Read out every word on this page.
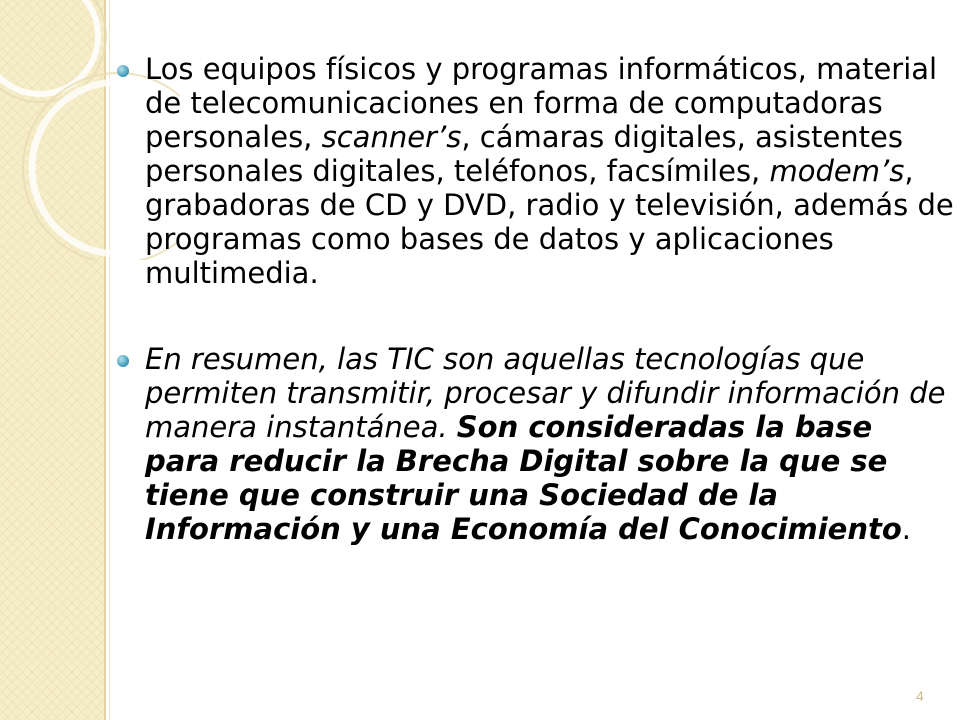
Los equipos físicos y programas informáticos, material de telecomunicaciones en forma de computadoras personales, scanner’s, cámaras digitales, asistentes personales digitales, teléfonos, facsímiles, modem’s, grabadoras de CD y DVD, radio y televisión, además de programas como bases de datos y aplicaciones multimedia.
En resumen, las TIC son aquellas tecnologías que permiten transmitir, procesar y difundir información de manera instantánea. Son consideradas la base para reducir la Brecha Digital sobre la que se tiene que construir una Sociedad de la Información y una Economía del Conocimiento.
4
